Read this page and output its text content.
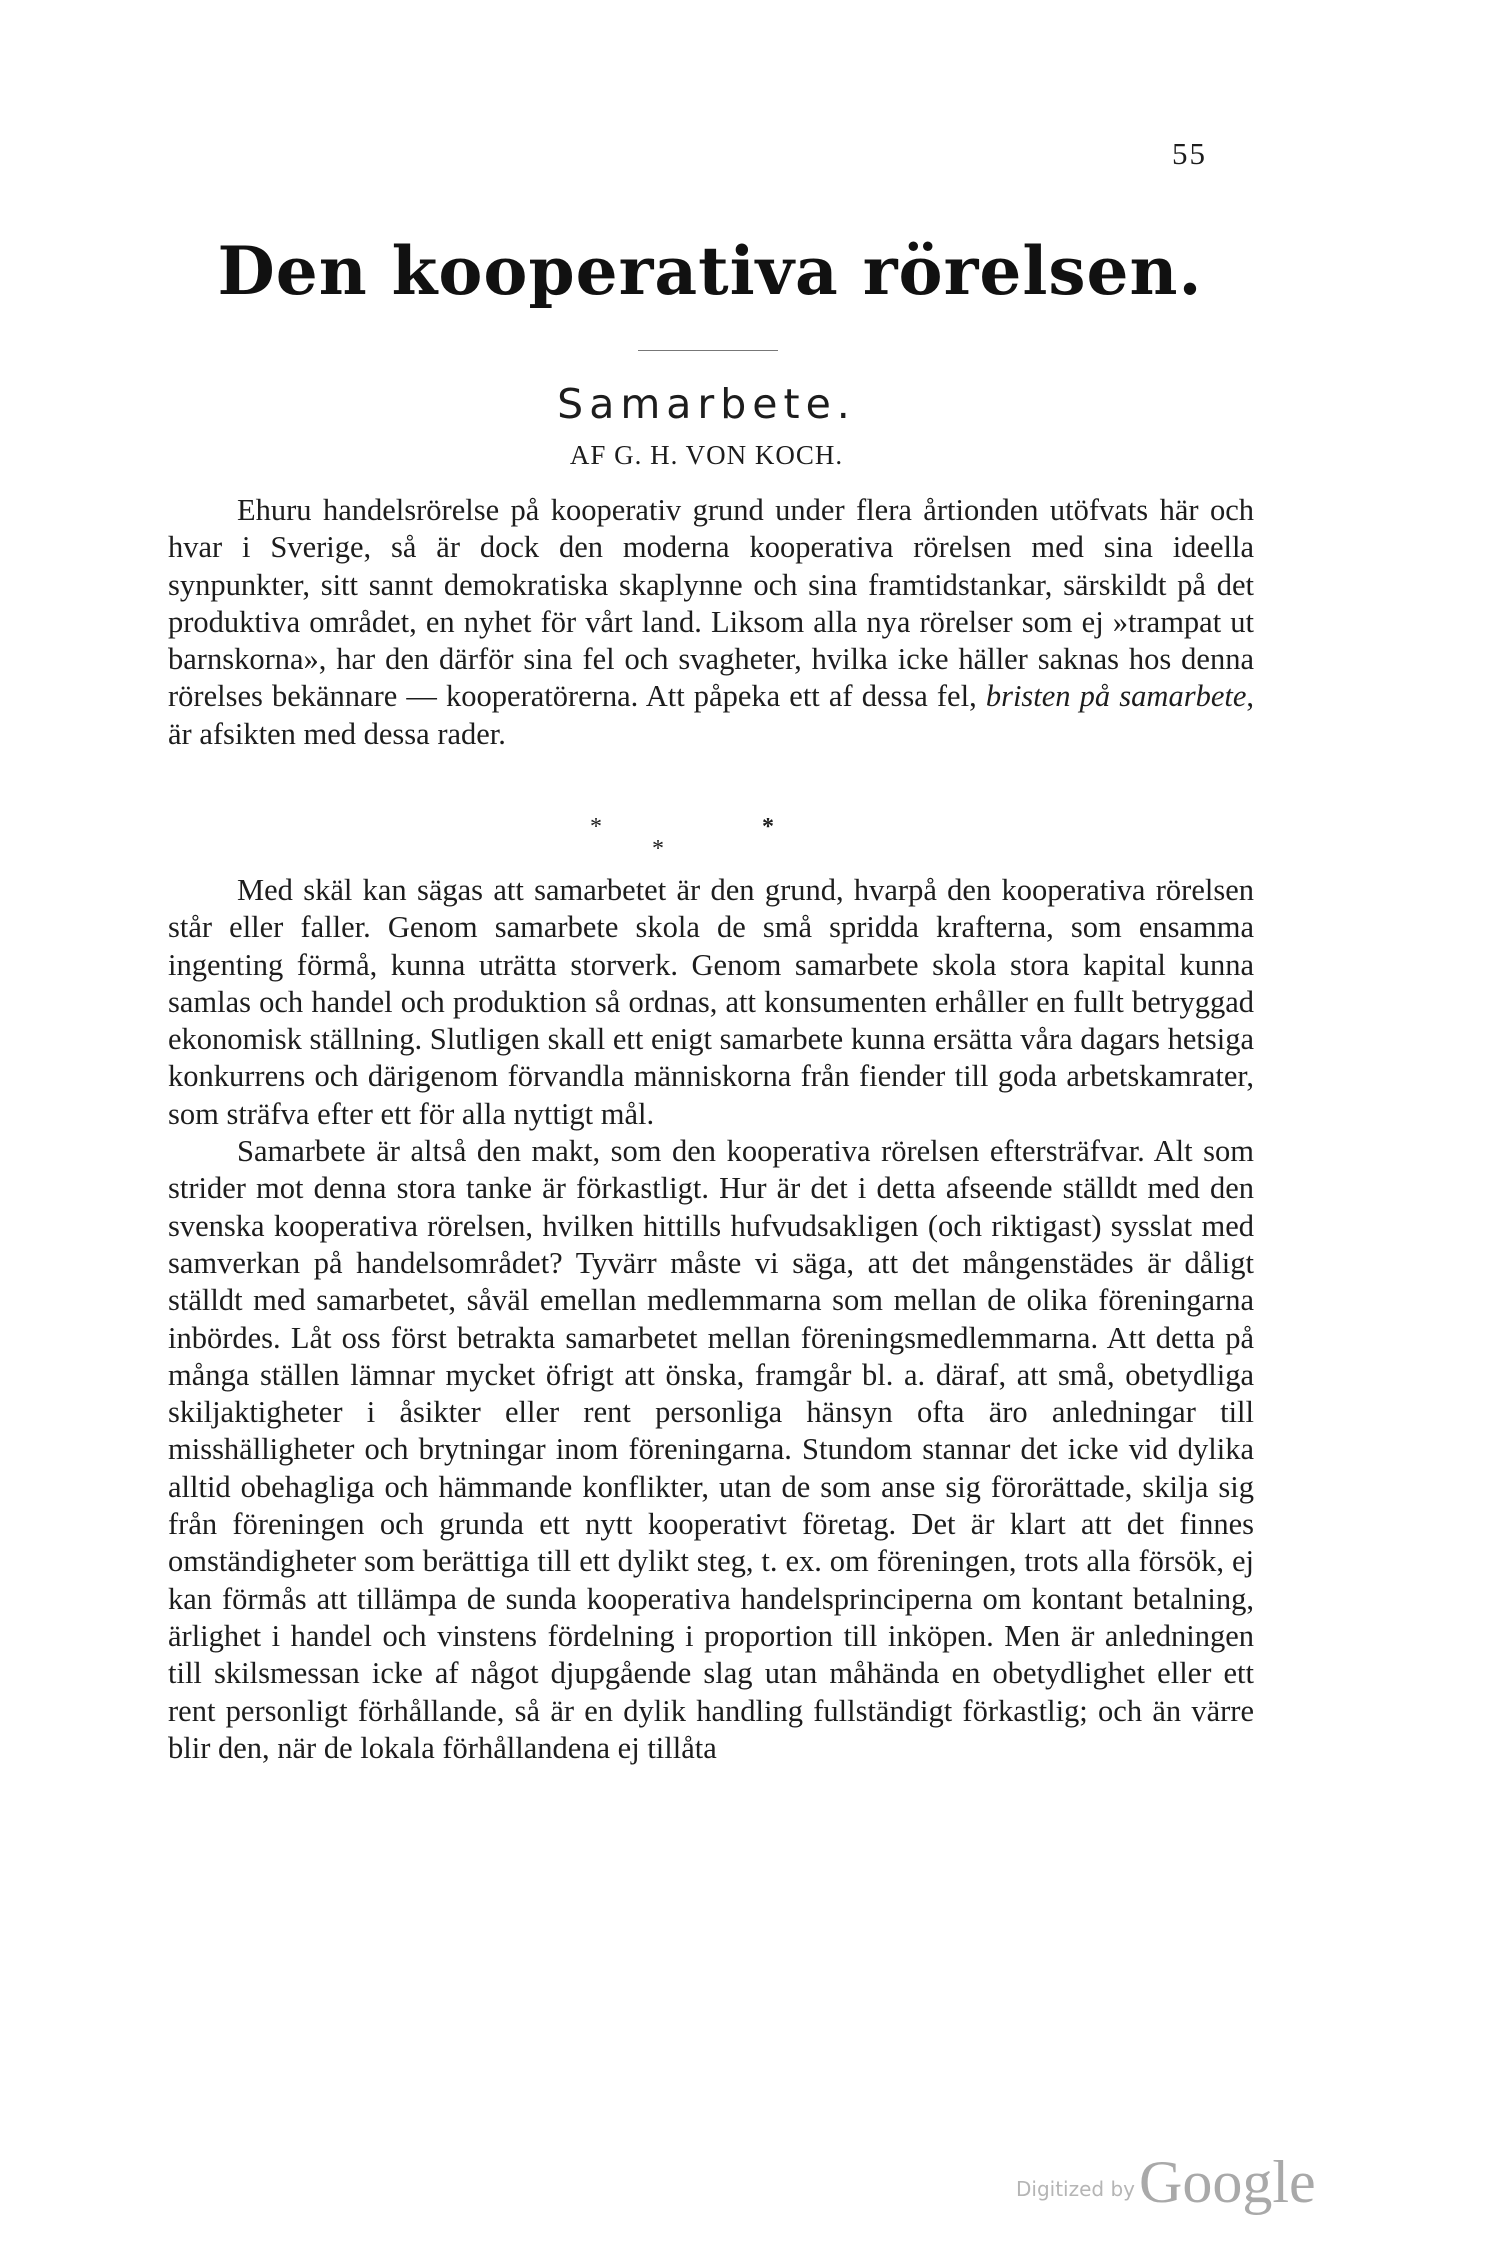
55
Den kooperativa rörelsen.
Samarbete.
AF G. H. VON KOCH.

Ehuru handelsrörelse på kooperativ grund under flera årtionden utöfvats här och hvar i Sverige, så är dock den moderna kooperativa rörelsen med sina ideella synpunkter, sitt sannt demokratiska skaplynne och sina framtidstankar, särskildt på det produktiva området, en nyhet för vårt land. Liksom alla nya rörelser som ej »trampat ut barnskorna», har den därför sina fel och svagheter, hvilka icke häller saknas hos denna rörelses bekännare — kooperatörerna. Att påpeka ett af dessa fel, bristen på samarbete, är afsikten med dessa rader.

*
*
*

Med skäl kan sägas att samarbetet är den grund, hvarpå den kooperativa rörelsen står eller faller. Genom samarbete skola de små spridda krafterna, som ensamma ingenting förmå, kunna uträtta storverk. Genom samarbete skola stora kapital kunna samlas och handel och produktion så ordnas, att konsumenten erhåller en fullt betryggad ekonomisk ställning. Slutligen skall ett enigt samarbete kunna ersätta våra dagars hetsiga konkurrens och därigenom förvandla människorna från fiender till goda arbetskamrater, som sträfva efter ett för alla nyttigt mål.

Samarbete är altså den makt, som den kooperativa rörelsen eftersträfvar. Alt som strider mot denna stora tanke är förkastligt. Hur är det i detta afseende ställdt med den svenska kooperativa rörelsen, hvilken hittills hufvudsakligen (och riktigast) sysslat med samverkan på handelsområdet? Tyvärr måste vi säga, att det mångenstädes är dåligt ställdt med samarbetet, såväl emellan medlemmarna som mellan de olika föreningarna inbördes. Låt oss först betrakta samarbetet mellan föreningsmedlemmarna. Att detta på många ställen lämnar mycket öfrigt att önska, framgår bl. a. däraf, att små, obetydliga skiljaktigheter i åsikter eller rent personliga hänsyn ofta äro anledningar till misshälligheter och brytningar inom föreningarna. Stundom stannar det icke vid dylika alltid obehagliga och hämmande konflikter, utan de som anse sig förorättade, skilja sig från föreningen och grunda ett nytt kooperativt företag. Det är klart att det finnes omständigheter som berättiga till ett dylikt steg, t. ex. om föreningen, trots alla försök, ej kan förmås att tillämpa de sunda kooperativa handelsprinciperna om kontant betalning, ärlighet i handel och vinstens fördelning i proportion till inköpen. Men är anledningen till skilsmessan icke af något djupgående slag utan måhända en obetydlighet eller ett rent personligt förhållande, så är en dylik handling fullständigt förkastlig; och än värre blir den, när de lokala förhållandena ej tillåta

Digitized by Google
